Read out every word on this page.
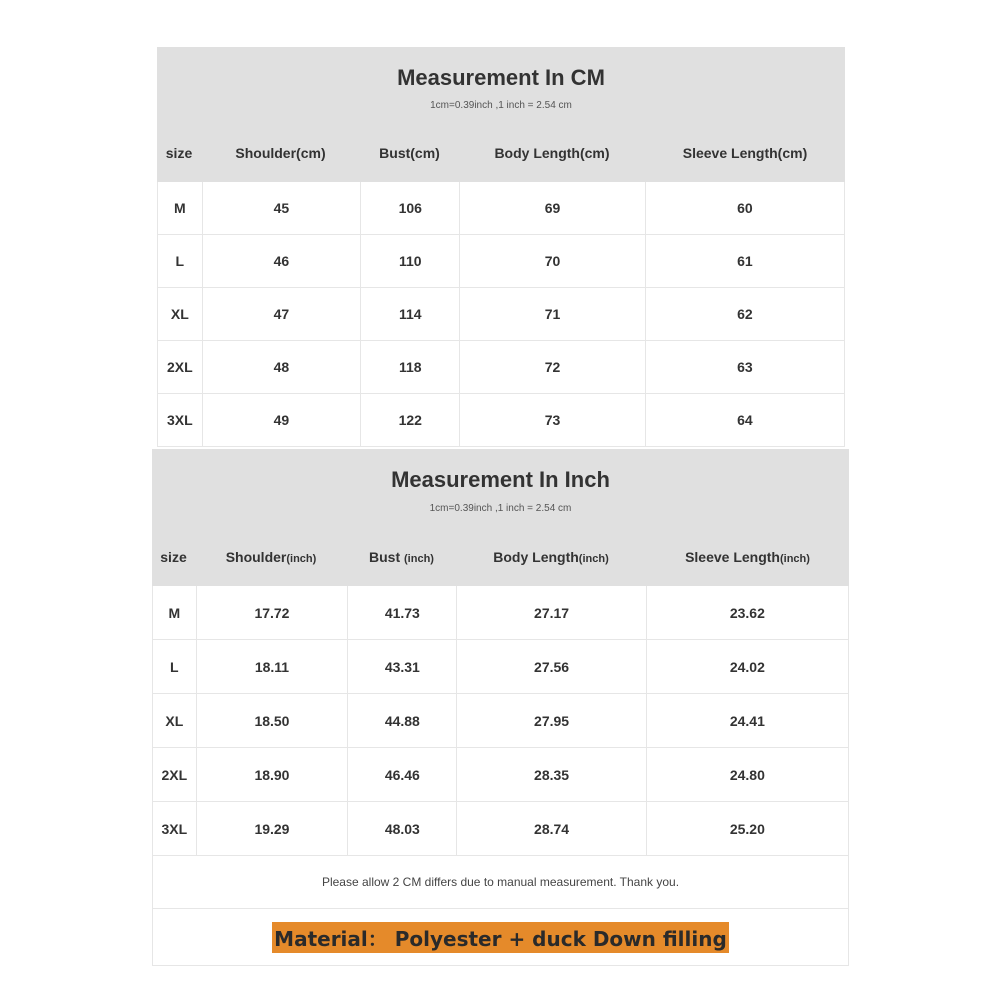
Measurement In CM
1cm=0.39inch ,1 inch = 2.54 cm
size	Shoulder(cm)	Bust(cm)	Body Length(cm)	Sleeve Length(cm)
M	45	106	69	60
L	46	110	70	61
XL	47	114	71	62
2XL	48	118	72	63
3XL	49	122	73	64
Measurement In Inch
1cm=0.39inch ,1 inch = 2.54 cm
size	Shoulder(inch)	Bust (inch)	Body Length(inch)	Sleeve Length(inch)
M	17.72	41.73	27.17	23.62
L	18.11	43.31	27.56	24.02
XL	18.50	44.88	27.95	24.41
2XL	18.90	46.46	28.35	24.80
3XL	19.29	48.03	28.74	25.20
Please allow 2 CM differs due to manual measurement. Thank you.
Material： Polyester + duck Down filling
